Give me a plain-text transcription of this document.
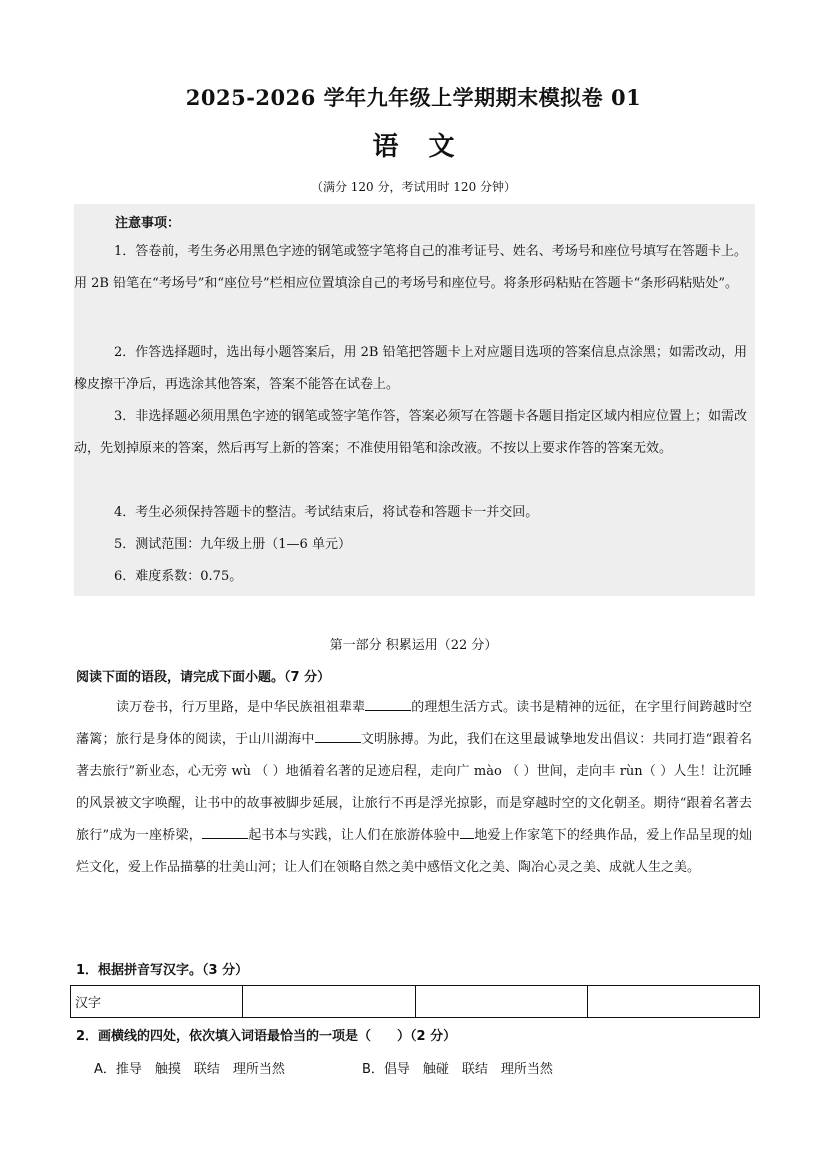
2025-2026 学年九年级上学期期末模拟卷 01
语文
（满分 120 分，考试用时 120 分钟）
注意事项：

1．答卷前，考生务必用黑色字迹的钢笔或签字笔将自己的准考证号、姓名、考场号和座位号填写在答题卡上。用 2B 铅笔在“考场号”和“座位号”栏相应位置填涂自己的考场号和座位号。将条形码粘贴在答题卡“条形码粘贴处”。

2．作答选择题时，选出每小题答案后，用 2B 铅笔把答题卡上对应题目选项的答案信息点涂黑；如需改动，用橡皮擦干净后，再选涂其他答案，答案不能答在试卷上。

3．非选择题必须用黑色字迹的钢笔或签字笔作答，答案必须写在答题卡各题目指定区域内相应位置上；如需改动，先划掉原来的答案，然后再写上新的答案；不准使用铅笔和涂改液。不按以上要求作答的答案无效。

4．考生必须保持答题卡的整洁。考试结束后，将试卷和答题卡一并交回。

5．测试范围：九年级上册（1—6 单元）

6．难度系数：0.75。

第一部分 积累运用（22 分）
阅读下面的语段，请完成下面小题。（7 分）

读万卷书，行万里路，是中华民族祖祖辈辈	的理想生活方式。读书是精神的远征，在字里行间跨越时空藩篱；旅行是身体的阅读，于山川湖海中	文明脉搏。为此，我们在这里最诚挚地发出倡议：共同打造“跟着名著去旅行”新业态，心无旁 wù （ ）地循着名著的足迹启程，走向广 mào （ ）世间，走向丰 rùn（ ）人生！让沉睡的风景被文字唤醒，让书中的故事被脚步延展，让旅行不再是浮光掠影，而是穿越时空的文化朝圣。期待“跟着名著去旅行”成为一座桥梁，	起书本与实践，让人们在旅游体验中 地爱上作家笔下的经典作品，爱上作品呈现的灿烂文化，爱上作品描摹的壮美山河；让人们在领略自然之美中感悟文化之美、陶冶心灵之美、成就人生之美。

1．根据拼音写汉字。（3 分）
汉字			
2．画横线的四处，依次填入词语最恰当的一项是（　　）（2 分）
A．推导　触摸　联结　理所当然	B．倡导　触碰　联结　理所当然
